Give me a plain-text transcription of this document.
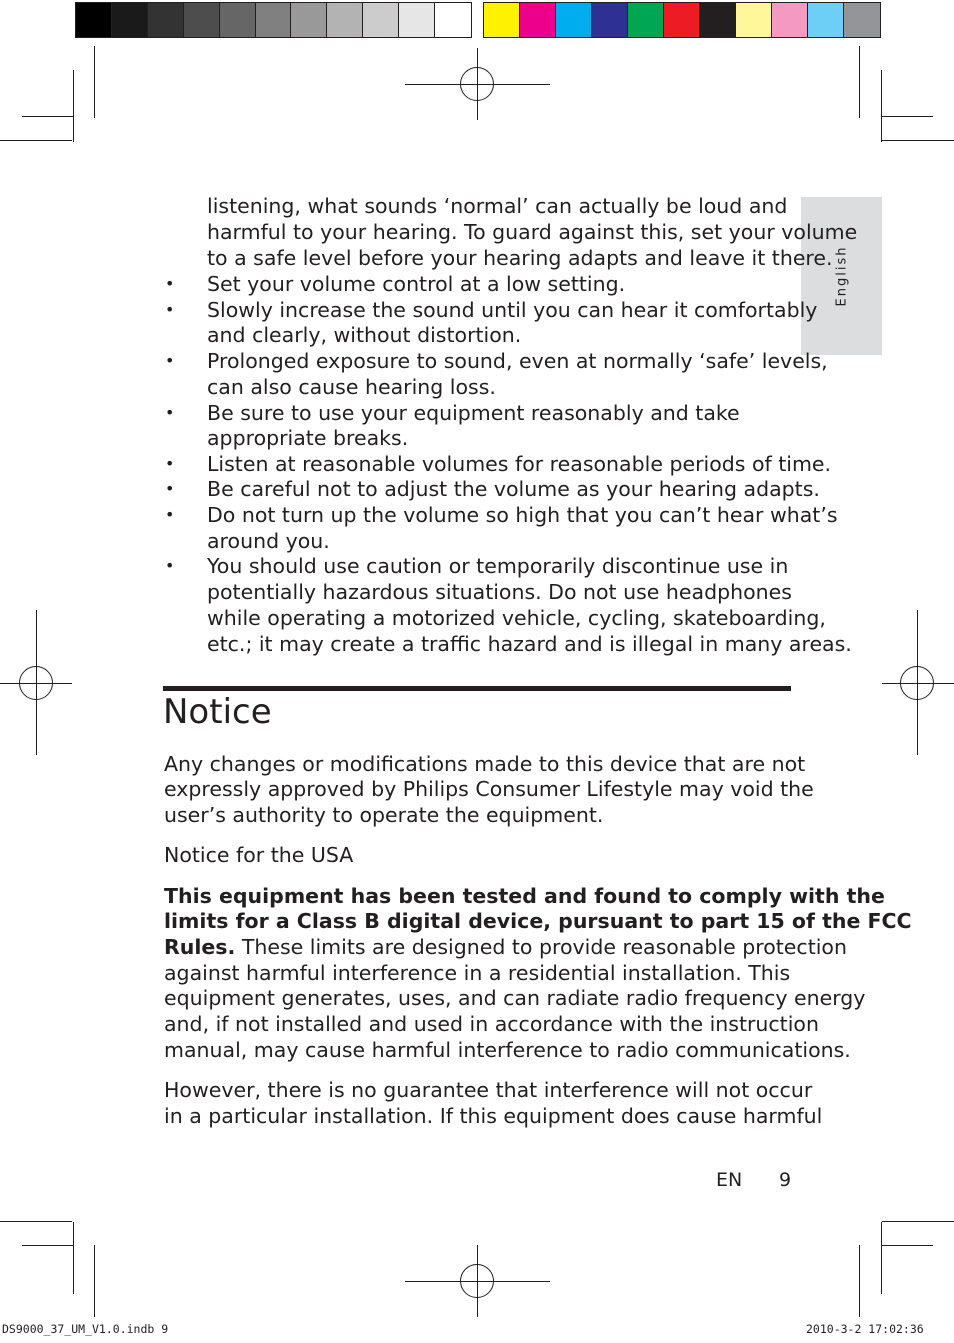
English
listening, what sounds ‘normal’ can actually be loud and
harmful to your hearing. To guard against this, set your volume
to a safe level before your hearing adapts and leave it there.
• Set your volume control at a low setting.
• Slowly increase the sound until you can hear it comfortably
and clearly, without distortion.
• Prolonged exposure to sound, even at normally ‘safe’ levels,
can also cause hearing loss.
• Be sure to use your equipment reasonably and take
appropriate breaks.
• Listen at reasonable volumes for reasonable periods of time.
• Be careful not to adjust the volume as your hearing adapts.
• Do not turn up the volume so high that you can’t hear what’s
around you.
• You should use caution or temporarily discontinue use in
potentially hazardous situations. Do not use headphones
while operating a motorized vehicle, cycling, skateboarding,
etc.; it may create a traffic hazard and is illegal in many areas.
Notice
Any changes or modifications made to this device that are not
expressly approved by Philips Consumer Lifestyle may void the
user’s authority to operate the equipment.
Notice for the USA
This equipment has been tested and found to comply with the
limits for a Class B digital device, pursuant to part 15 of the FCC
Rules. These limits are designed to provide reasonable protection
against harmful interference in a residential installation. This
equipment generates, uses, and can radiate radio frequency energy
and, if not installed and used in accordance with the instruction
manual, may cause harmful interference to radio communications.
However, there is no guarantee that interference will not occur
in a particular installation. If this equipment does cause harmful
EN 9
DS9000_37_UM_V1.0.indb 9	2010-3-2 17:02:36
